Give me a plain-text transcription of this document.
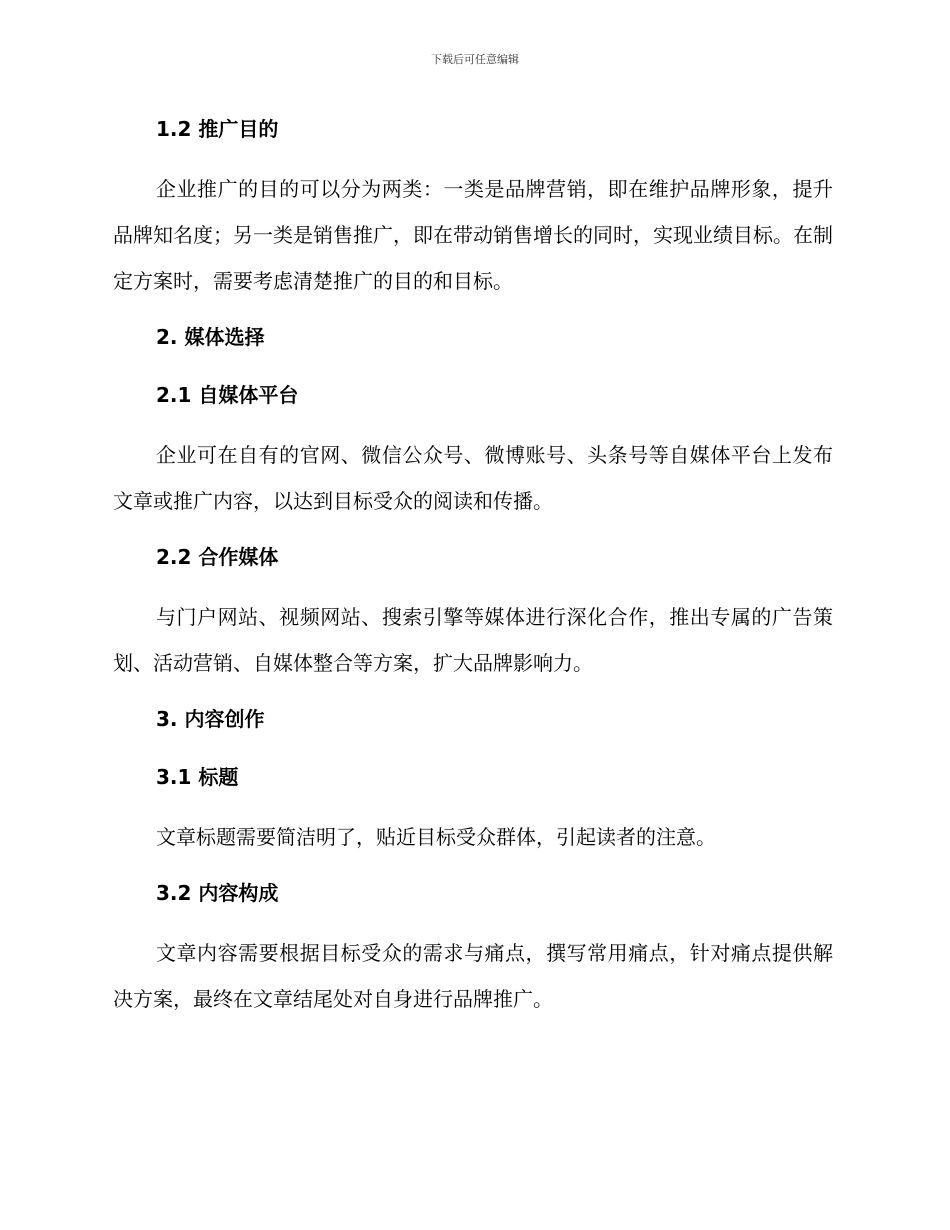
下载后可任意编辑
1.2 推广目的

企业推广的目的可以分为两类：一类是品牌营销，即在维护品牌形象，提升品牌知名度；另一类是销售推广，即在带动销售增长的同时，实现业绩目标。在制定方案时，需要考虑清楚推广的目的和目标。

2. 媒体选择
2.1 自媒体平台

企业可在自有的官网、微信公众号、微博账号、头条号等自媒体平台上发布文章或推广内容，以达到目标受众的阅读和传播。

2.2 合作媒体

与门户网站、视频网站、搜索引擎等媒体进行深化合作，推出专属的广告策划、活动营销、自媒体整合等方案，扩大品牌影响力。

3. 内容创作
3.1 标题

文章标题需要简洁明了，贴近目标受众群体，引起读者的注意。

3.2 内容构成

文章内容需要根据目标受众的需求与痛点，撰写常用痛点，针对痛点提供解决方案，最终在文章结尾处对自身进行品牌推广。
